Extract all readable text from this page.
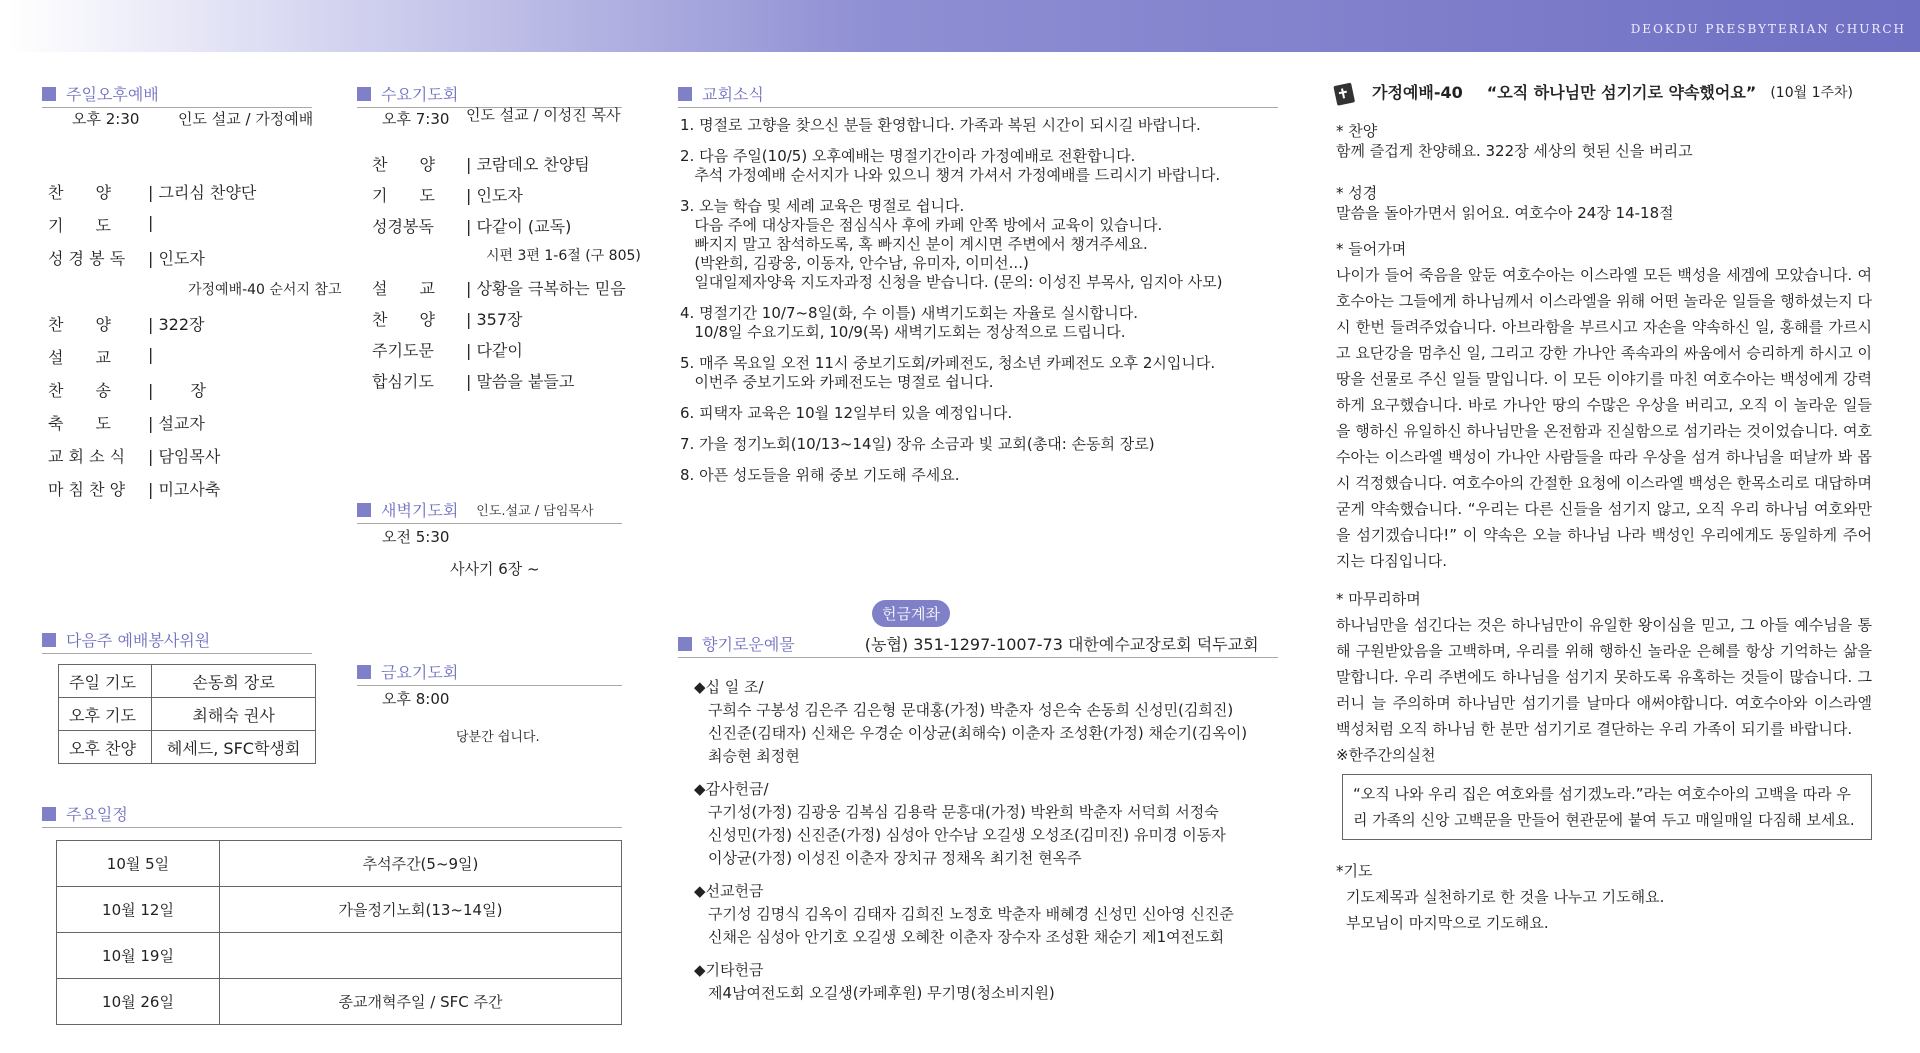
DEOKDU PRESBYTERIAN CHURCH
주일오후예배
오후 2:30	인도 설교 / 가정예배
찬　　양	| 그리심 찬양단
기　　도	|
성 경 봉 독	| 인도자
가정예배-40 순서지 참고
찬　　양	| 322장
설　　교	|
찬　　송	|　　 장
축　　도	| 설교자
교 회 소 식	| 담임목사
마 침 찬 양	| 미고사축
수요기도회
오후 7:30 인도 설교 / 이성진 목사
찬　　양	| 코람데오 찬양팀
기　　도	| 인도자
성경봉독	| 다같이 (교독)
시편 3편 1-6절 (구 805)
설　　교	| 상황을 극복하는 믿음
찬　　양	| 357장
주기도문	| 다같이
합심기도	| 말씀을 붙들고
새벽기도회 인도.설교 / 담임목사
오전 5:30
사사기 6장 ~
금요기도회
오후 8:00
당분간 쉽니다.
다음주 예배봉사위원
주일 기도	손동희 장로
오후 기도	최해숙 권사
오후 찬양	헤세드, SFC학생회
주요일정
10월 5일	추석주간(5~9일)
10월 12일	가을정기노회(13~14일)
10월 19일	
10월 26일	종교개혁주일 / SFC 주간
교회소식
1. 명절로 고향을 찾으신 분들 환영합니다. 가족과 복된 시간이 되시길 바랍니다.
2. 다음 주일(10/5) 오후예배는 명절기간이라 가정예배로 전환합니다.
추석 가정예배 순서지가 나와 있으니 챙겨 가셔서 가정예배를 드리시기 바랍니다.
3. 오늘 학습 및 세례 교육은 명절로 쉽니다.
다음 주에 대상자들은 점심식사 후에 카페 안쪽 방에서 교육이 있습니다.
빠지지 말고 참석하도록, 혹 빠지신 분이 계시면 주변에서 챙겨주세요.
(박완희, 김광웅, 이동자, 안수남, 유미자, 이미선...)
일대일제자양육 지도자과정 신청을 받습니다. (문의: 이성진 부목사, 임지아 사모)
4. 명절기간 10/7~8일(화, 수 이틀) 새벽기도회는 자율로 실시합니다.
10/8일 수요기도회, 10/9(목) 새벽기도회는 정상적으로 드립니다.
5. 매주 목요일 오전 11시 중보기도회/카페전도, 청소년 카페전도 오후 2시입니다.
이번주 중보기도와 카페전도는 명절로 쉽니다.
6. 피택자 교육은 10월 12일부터 있을 예정입니다.
7. 가을 정기노회(10/13~14일) 장유 소금과 빛 교회(총대: 손동희 장로)
8. 아픈 성도들을 위해 중보 기도해 주세요.
헌금계좌
향기로운예물	(농협) 351-1297-1007-73 대한예수교장로회 덕두교회
◆십 일 조/
구희수 구봉성 김은주 김은형 문대홍(가정) 박춘자 성은숙 손동희 신성민(김희진)
신진준(김태자) 신채은 우경순 이상균(최해숙) 이춘자 조성환(가정) 채순기(김옥이)
최승현 최정현
◆감사헌금/
구기성(가정) 김광웅 김복심 김용락 문흥대(가정) 박완희 박춘자 서덕희 서정숙
신성민(가정) 신진준(가정) 심성아 안수남 오길생 오성조(김미진) 유미경 이동자
이상균(가정) 이성진 이춘자 장치규 정채옥 최기천 현옥주
◆선교헌금
구기성 김명식 김옥이 김태자 김희진 노정호 박춘자 배혜경 신성민 신아영 신진준
신채은 심성아 안기호 오길생 오혜찬 이춘자 장수자 조성환 채순기 제1여전도회
◆기타헌금
제4남여전도회 오길생(카페후원) 무기명(청소비지원)
가정예배-40 “오직 하나님만 섬기기로 약속했어요” (10월 1주차)

* 찬양

함께 즐겁게 찬양해요. 322장 세상의 헛된 신을 버리고

* 성경

말씀을 돌아가면서 읽어요. 여호수아 24장 14-18절

* 들어가며

나이가 들어 죽음을 앞둔 여호수아는 이스라엘 모든 백성을 세겜에 모았습니다. 여호수아는 그들에게 하나님께서 이스라엘을 위해 어떤 놀라운 일들을 행하셨는지 다시 한번 들려주었습니다. 아브라함을 부르시고 자손을 약속하신 일, 홍해를 가르시고 요단강을 멈추신 일, 그리고 강한 가나안 족속과의 싸움에서 승리하게 하시고 이 땅을 선물로 주신 일들 말입니다. 이 모든 이야기를 마친 여호수아는 백성에게 강력하게 요구했습니다. 바로 가나안 땅의 수많은 우상을 버리고, 오직 이 놀라운 일들을 행하신 유일하신 하나님만을 온전함과 진실함으로 섬기라는 것이었습니다. 여호수아는 이스라엘 백성이 가나안 사람들을 따라 우상을 섬겨 하나님을 떠날까 봐 몹시 걱정했습니다. 여호수아의 간절한 요청에 이스라엘 백성은 한목소리로 대답하며 굳게 약속했습니다. “우리는 다른 신들을 섬기지 않고, 오직 우리 하나님 여호와만을 섬기겠습니다!” 이 약속은 오늘 하나님 나라 백성인 우리에게도 동일하게 주어지는 다짐입니다.

* 마무리하며

하나님만을 섬긴다는 것은 하나님만이 유일한 왕이심을 믿고, 그 아들 예수님을 통해 구원받았음을 고백하며, 우리를 위해 행하신 놀라운 은혜를 항상 기억하는 삶을 말합니다. 우리 주변에도 하나님을 섬기지 못하도록 유혹하는 것들이 많습니다. 그러니 늘 주의하며 하나님만 섬기기를 날마다 애써야합니다. 여호수아와 이스라엘 백성처럼 오직 하나님 한 분만 섬기기로 결단하는 우리 가족이 되기를 바랍니다.

※한주간의실천

“오직 나와 우리 집은 여호와를 섬기겠노라.”라는 여호수아의 고백을 따라 우리 가족의 신앙 고백문을 만들어 현관문에 붙여 두고 매일매일 다짐해 보세요.

*기도

기도제목과 실천하기로 한 것을 나누고 기도해요.

부모님이 마지막으로 기도해요.
